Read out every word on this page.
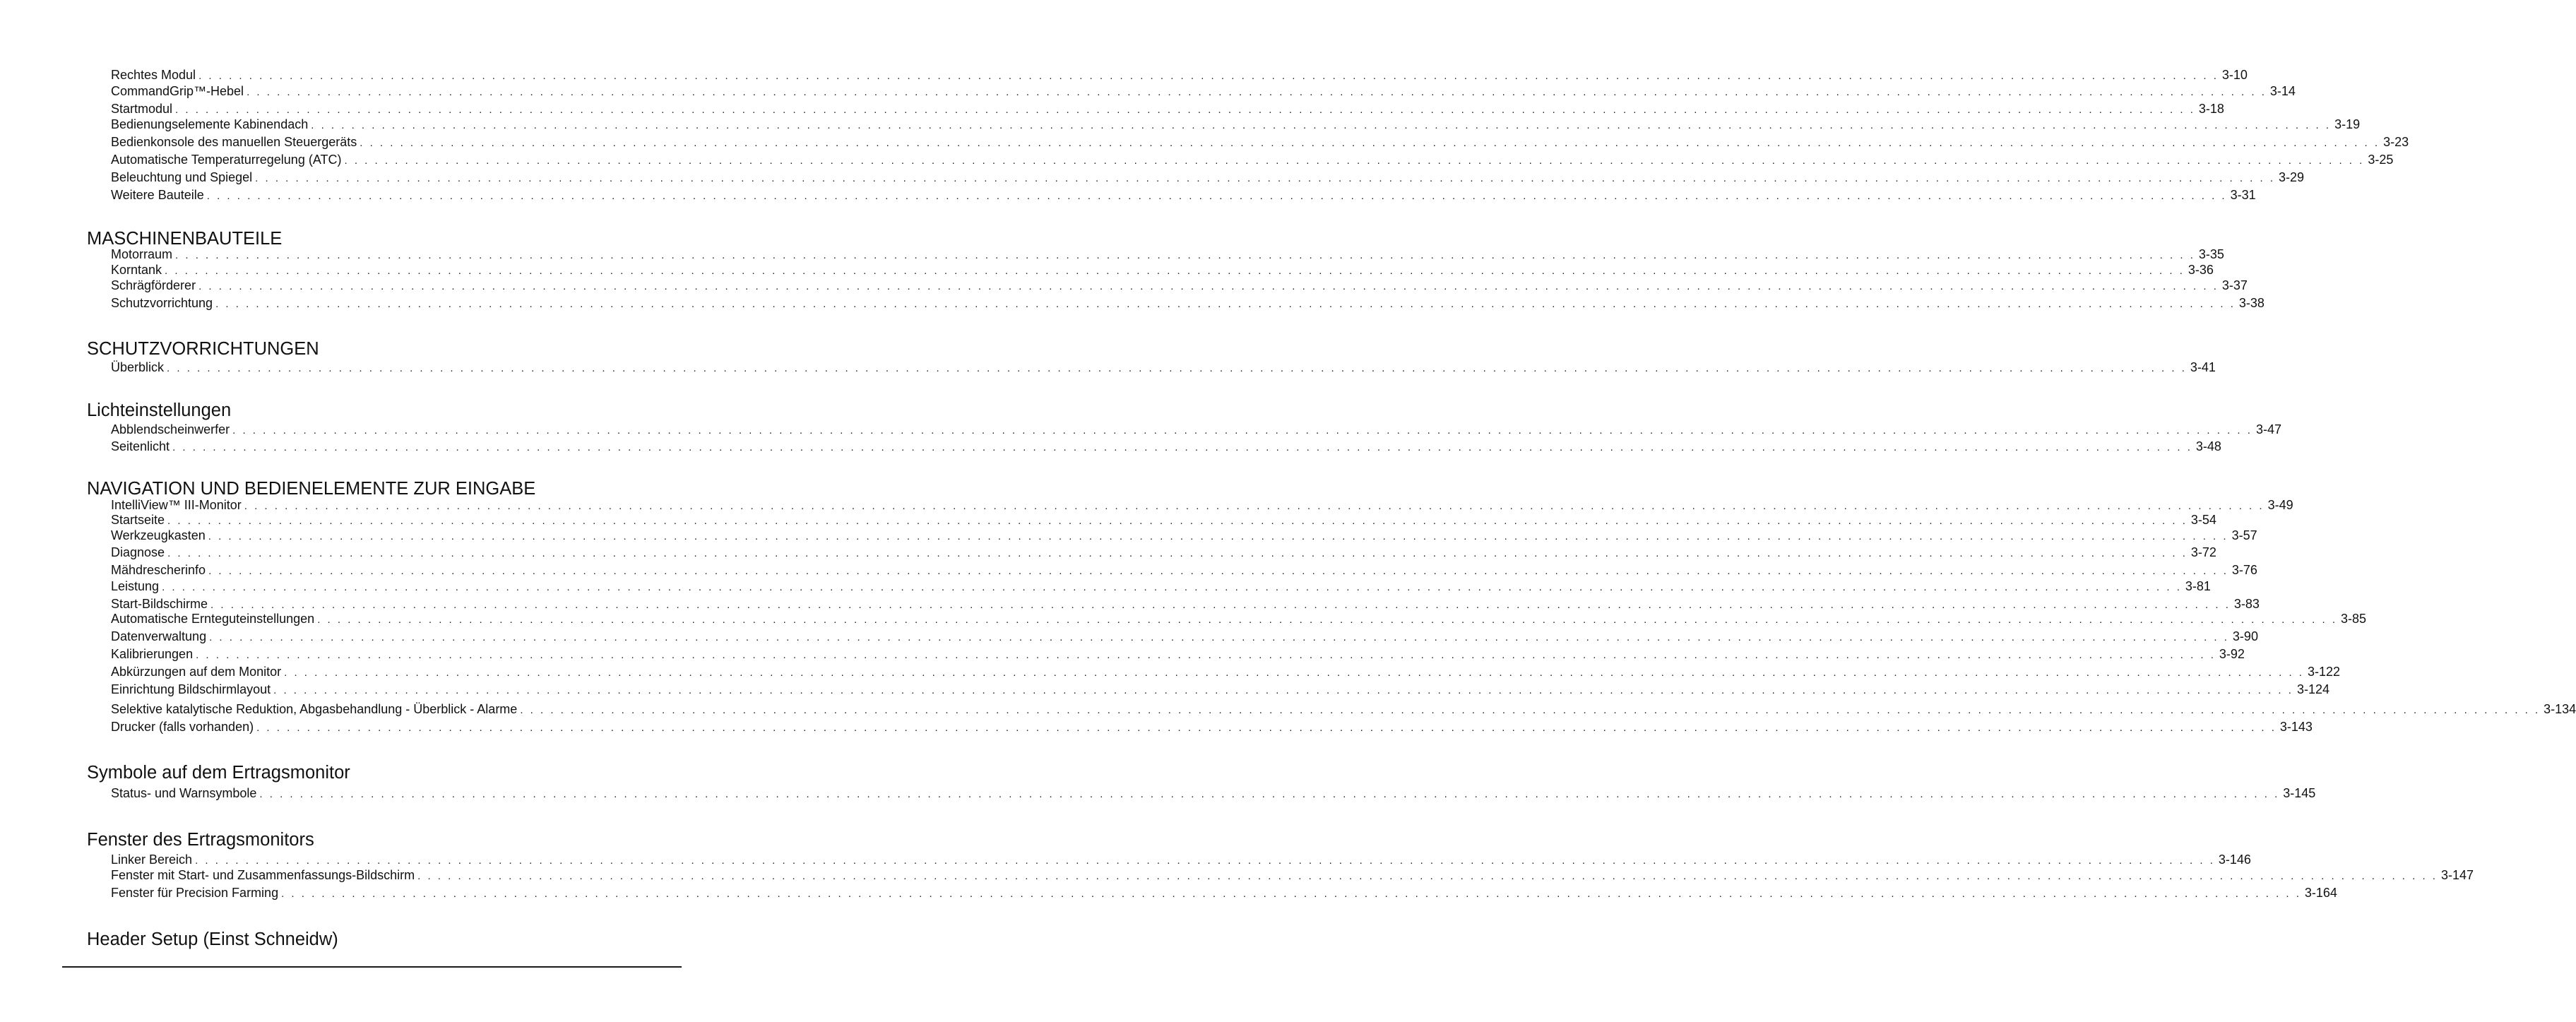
Rechtes Modul . . . . . . . . . . . . . . . . . . . . . . . . . . . . . . . . . . . . . . . . . . . . . . . . . . . . . . . . . . . . . . . . . . . . . . . . . . . . . . . . . . . . . . . . . . . . . . . . . . . . . . . . . . . . . . . . . . . . . . . . . . . . . . . . . . . . . . . . . . . . . . . . . . . . . . . . . . . . . . . . . . . . . . . . . . . . . . . . . . . . . . . . . . . . . . . . . . . . . . . . 3-10
CommandGrip™-Hebel . . . . . . . . . . . . . . . . . . . . . . . . . . . . . . . . . . . . . . . . . . . . . . . . . . . . . . . . . . . . . . . . . . . . . . . . . . . . . . . . . . . . . . . . . . . . . . . . . . . . . . . . . . . . . . . . . . . . . . . . . . . . . . . . . . . . . . . . . . . . . . . . . . . . . . . . . . . . . . . . . . . . . . . . . . . . . . . . . . . . . . . . . . . . . . . . . . . . . . . . 3-14
Startmodul . . . . . . . . . . . . . . . . . . . . . . . . . . . . . . . . . . . . . . . . . . . . . . . . . . . . . . . . . . . . . . . . . . . . . . . . . . . . . . . . . . . . . . . . . . . . . . . . . . . . . . . . . . . . . . . . . . . . . . . . . . . . . . . . . . . . . . . . . . . . . . . . . . . . . . . . . . . . . . . . . . . . . . . . . . . . . . . . . . . . . . . . . . . . . . . . . . . . . . . . 3-18
Bedienungselemente Kabinendach . . . . . . . . . . . . . . . . . . . . . . . . . . . . . . . . . . . . . . . . . . . . . . . . . . . . . . . . . . . . . . . . . . . . . . . . . . . . . . . . . . . . . . . . . . . . . . . . . . . . . . . . . . . . . . . . . . . . . . . . . . . . . . . . . . . . . . . . . . . . . . . . . . . . . . . . . . . . . . . . . . . . . . . . . . . . . . . . . . . . . . . . . . . . . . . . . . . . . . . . 3-19
Bedienkonsole des manuellen Steuergeräts . . . . . . . . . . . . . . . . . . . . . . . . . . . . . . . . . . . . . . . . . . . . . . . . . . . . . . . . . . . . . . . . . . . . . . . . . . . . . . . . . . . . . . . . . . . . . . . . . . . . . . . . . . . . . . . . . . . . . . . . . . . . . . . . . . . . . . . . . . . . . . . . . . . . . . . . . . . . . . . . . . . . . . . . . . . . . . . . . . . . . . . . . . . . . . . . . . . . . . . . 3-23
Automatische Temperaturregelung (ATC) . . . . . . . . . . . . . . . . . . . . . . . . . . . . . . . . . . . . . . . . . . . . . . . . . . . . . . . . . . . . . . . . . . . . . . . . . . . . . . . . . . . . . . . . . . . . . . . . . . . . . . . . . . . . . . . . . . . . . . . . . . . . . . . . . . . . . . . . . . . . . . . . . . . . . . . . . . . . . . . . . . . . . . . . . . . . . . . . . . . . . . . . . . . . . . . . . . . . . . . . 3-25
Beleuchtung und Spiegel . . . . . . . . . . . . . . . . . . . . . . . . . . . . . . . . . . . . . . . . . . . . . . . . . . . . . . . . . . . . . . . . . . . . . . . . . . . . . . . . . . . . . . . . . . . . . . . . . . . . . . . . . . . . . . . . . . . . . . . . . . . . . . . . . . . . . . . . . . . . . . . . . . . . . . . . . . . . . . . . . . . . . . . . . . . . . . . . . . . . . . . . . . . . . . . . . . . . . . . . 3-29
Weitere Bauteile . . . . . . . . . . . . . . . . . . . . . . . . . . . . . . . . . . . . . . . . . . . . . . . . . . . . . . . . . . . . . . . . . . . . . . . . . . . . . . . . . . . . . . . . . . . . . . . . . . . . . . . . . . . . . . . . . . . . . . . . . . . . . . . . . . . . . . . . . . . . . . . . . . . . . . . . . . . . . . . . . . . . . . . . . . . . . . . . . . . . . . . . . . . . . . . . . . . . . . . . 3-31
MASCHINENBAUTEILE
Motorraum . . . . . . . . . . . . . . . . . . . . . . . . . . . . . . . . . . . . . . . . . . . . . . . . . . . . . . . . . . . . . . . . . . . . . . . . . . . . . . . . . . . . . . . . . . . . . . . . . . . . . . . . . . . . . . . . . . . . . . . . . . . . . . . . . . . . . . . . . . . . . . . . . . . . . . . . . . . . . . . . . . . . . . . . . . . . . . . . . . . . . . . . . . . . . . . . . . . . . . . . 3-35
Korntank . . . . . . . . . . . . . . . . . . . . . . . . . . . . . . . . . . . . . . . . . . . . . . . . . . . . . . . . . . . . . . . . . . . . . . . . . . . . . . . . . . . . . . . . . . . . . . . . . . . . . . . . . . . . . . . . . . . . . . . . . . . . . . . . . . . . . . . . . . . . . . . . . . . . . . . . . . . . . . . . . . . . . . . . . . . . . . . . . . . . . . . . . . . . . . . . . . . . . . . . 3-36
Schrägförderer . . . . . . . . . . . . . . . . . . . . . . . . . . . . . . . . . . . . . . . . . . . . . . . . . . . . . . . . . . . . . . . . . . . . . . . . . . . . . . . . . . . . . . . . . . . . . . . . . . . . . . . . . . . . . . . . . . . . . . . . . . . . . . . . . . . . . . . . . . . . . . . . . . . . . . . . . . . . . . . . . . . . . . . . . . . . . . . . . . . . . . . . . . . . . . . . . . . . . . . . 3-37
Schutzvorrichtung . . . . . . . . . . . . . . . . . . . . . . . . . . . . . . . . . . . . . . . . . . . . . . . . . . . . . . . . . . . . . . . . . . . . . . . . . . . . . . . . . . . . . . . . . . . . . . . . . . . . . . . . . . . . . . . . . . . . . . . . . . . . . . . . . . . . . . . . . . . . . . . . . . . . . . . . . . . . . . . . . . . . . . . . . . . . . . . . . . . . . . . . . . . . . . . . . . . . . . . . 3-38
SCHUTZVORRICHTUNGEN
Überblick . . . . . . . . . . . . . . . . . . . . . . . . . . . . . . . . . . . . . . . . . . . . . . . . . . . . . . . . . . . . . . . . . . . . . . . . . . . . . . . . . . . . . . . . . . . . . . . . . . . . . . . . . . . . . . . . . . . . . . . . . . . . . . . . . . . . . . . . . . . . . . . . . . . . . . . . . . . . . . . . . . . . . . . . . . . . . . . . . . . . . . . . . . . . . . . . . . . . . . . . 3-41
Lichteinstellungen
Abblendscheinwerfer . . . . . . . . . . . . . . . . . . . . . . . . . . . . . . . . . . . . . . . . . . . . . . . . . . . . . . . . . . . . . . . . . . . . . . . . . . . . . . . . . . . . . . . . . . . . . . . . . . . . . . . . . . . . . . . . . . . . . . . . . . . . . . . . . . . . . . . . . . . . . . . . . . . . . . . . . . . . . . . . . . . . . . . . . . . . . . . . . . . . . . . . . . . . . . . . . . . . . . . . 3-47
Seitenlicht . . . . . . . . . . . . . . . . . . . . . . . . . . . . . . . . . . . . . . . . . . . . . . . . . . . . . . . . . . . . . . . . . . . . . . . . . . . . . . . . . . . . . . . . . . . . . . . . . . . . . . . . . . . . . . . . . . . . . . . . . . . . . . . . . . . . . . . . . . . . . . . . . . . . . . . . . . . . . . . . . . . . . . . . . . . . . . . . . . . . . . . . . . . . . . . . . . . . . . . . 3-48
NAVIGATION UND BEDIENELEMENTE ZUR EINGABE
IntelliView™ III-Monitor . . . . . . . . . . . . . . . . . . . . . . . . . . . . . . . . . . . . . . . . . . . . . . . . . . . . . . . . . . . . . . . . . . . . . . . . . . . . . . . . . . . . . . . . . . . . . . . . . . . . . . . . . . . . . . . . . . . . . . . . . . . . . . . . . . . . . . . . . . . . . . . . . . . . . . . . . . . . . . . . . . . . . . . . . . . . . . . . . . . . . . . . . . . . . . . . . . . . . . . . 3-49
Startseite . . . . . . . . . . . . . . . . . . . . . . . . . . . . . . . . . . . . . . . . . . . . . . . . . . . . . . . . . . . . . . . . . . . . . . . . . . . . . . . . . . . . . . . . . . . . . . . . . . . . . . . . . . . . . . . . . . . . . . . . . . . . . . . . . . . . . . . . . . . . . . . . . . . . . . . . . . . . . . . . . . . . . . . . . . . . . . . . . . . . . . . . . . . . . . . . . . . . . . . . 3-54
Werkzeugkasten . . . . . . . . . . . . . . . . . . . . . . . . . . . . . . . . . . . . . . . . . . . . . . . . . . . . . . . . . . . . . . . . . . . . . . . . . . . . . . . . . . . . . . . . . . . . . . . . . . . . . . . . . . . . . . . . . . . . . . . . . . . . . . . . . . . . . . . . . . . . . . . . . . . . . . . . . . . . . . . . . . . . . . . . . . . . . . . . . . . . . . . . . . . . . . . . . . . . . . . . 3-57
Diagnose . . . . . . . . . . . . . . . . . . . . . . . . . . . . . . . . . . . . . . . . . . . . . . . . . . . . . . . . . . . . . . . . . . . . . . . . . . . . . . . . . . . . . . . . . . . . . . . . . . . . . . . . . . . . . . . . . . . . . . . . . . . . . . . . . . . . . . . . . . . . . . . . . . . . . . . . . . . . . . . . . . . . . . . . . . . . . . . . . . . . . . . . . . . . . . . . . . . . . . . . 3-72
Mähdrescherinfo . . . . . . . . . . . . . . . . . . . . . . . . . . . . . . . . . . . . . . . . . . . . . . . . . . . . . . . . . . . . . . . . . . . . . . . . . . . . . . . . . . . . . . . . . . . . . . . . . . . . . . . . . . . . . . . . . . . . . . . . . . . . . . . . . . . . . . . . . . . . . . . . . . . . . . . . . . . . . . . . . . . . . . . . . . . . . . . . . . . . . . . . . . . . . . . . . . . . . . . . 3-76
Leistung . . . . . . . . . . . . . . . . . . . . . . . . . . . . . . . . . . . . . . . . . . . . . . . . . . . . . . . . . . . . . . . . . . . . . . . . . . . . . . . . . . . . . . . . . . . . . . . . . . . . . . . . . . . . . . . . . . . . . . . . . . . . . . . . . . . . . . . . . . . . . . . . . . . . . . . . . . . . . . . . . . . . . . . . . . . . . . . . . . . . . . . . . . . . . . . . . . . . . . . . 3-81
Start-Bildschirme . . . . . . . . . . . . . . . . . . . . . . . . . . . . . . . . . . . . . . . . . . . . . . . . . . . . . . . . . . . . . . . . . . . . . . . . . . . . . . . . . . . . . . . . . . . . . . . . . . . . . . . . . . . . . . . . . . . . . . . . . . . . . . . . . . . . . . . . . . . . . . . . . . . . . . . . . . . . . . . . . . . . . . . . . . . . . . . . . . . . . . . . . . . . . . . . . . . . . . . . 3-83
Automatische Ernteguteinstellungen . . . . . . . . . . . . . . . . . . . . . . . . . . . . . . . . . . . . . . . . . . . . . . . . . . . . . . . . . . . . . . . . . . . . . . . . . . . . . . . . . . . . . . . . . . . . . . . . . . . . . . . . . . . . . . . . . . . . . . . . . . . . . . . . . . . . . . . . . . . . . . . . . . . . . . . . . . . . . . . . . . . . . . . . . . . . . . . . . . . . . . . . . . . . . . . . . . . . . . . . 3-85
Datenverwaltung . . . . . . . . . . . . . . . . . . . . . . . . . . . . . . . . . . . . . . . . . . . . . . . . . . . . . . . . . . . . . . . . . . . . . . . . . . . . . . . . . . . . . . . . . . . . . . . . . . . . . . . . . . . . . . . . . . . . . . . . . . . . . . . . . . . . . . . . . . . . . . . . . . . . . . . . . . . . . . . . . . . . . . . . . . . . . . . . . . . . . . . . . . . . . . . . . . . . . . . . 3-90
Kalibrierungen . . . . . . . . . . . . . . . . . . . . . . . . . . . . . . . . . . . . . . . . . . . . . . . . . . . . . . . . . . . . . . . . . . . . . . . . . . . . . . . . . . . . . . . . . . . . . . . . . . . . . . . . . . . . . . . . . . . . . . . . . . . . . . . . . . . . . . . . . . . . . . . . . . . . . . . . . . . . . . . . . . . . . . . . . . . . . . . . . . . . . . . . . . . . . . . . . . . . . . . . 3-92
Abkürzungen auf dem Monitor . . . . . . . . . . . . . . . . . . . . . . . . . . . . . . . . . . . . . . . . . . . . . . . . . . . . . . . . . . . . . . . . . . . . . . . . . . . . . . . . . . . . . . . . . . . . . . . . . . . . . . . . . . . . . . . . . . . . . . . . . . . . . . . . . . . . . . . . . . . . . . . . . . . . . . . . . . . . . . . . . . . . . . . . . . . . . . . . . . . . . . . . . . . . . . . . . . . . . . . . 3-122
Einrichtung Bildschirmlayout . . . . . . . . . . . . . . . . . . . . . . . . . . . . . . . . . . . . . . . . . . . . . . . . . . . . . . . . . . . . . . . . . . . . . . . . . . . . . . . . . . . . . . . . . . . . . . . . . . . . . . . . . . . . . . . . . . . . . . . . . . . . . . . . . . . . . . . . . . . . . . . . . . . . . . . . . . . . . . . . . . . . . . . . . . . . . . . . . . . . . . . . . . . . . . . . . . . . . . . . 3-124
Selektive katalytische Reduktion, Abgasbehandlung - Überblick - Alarme . . . . . . . . . . . . . . . . . . . . . . . . . . . . . . . . . . . . . . . . . . . . . . . . . . . . . . . . . . . . . . . . . . . . . . . . . . . . . . . . . . . . . . . . . . . . . . . . . . . . . . . . . . . . . . . . . . . . . . . . . . . . . . . . . . . . . . . . . . . . . . . . . . . . . . . . . . . . . . . . . . . . . . . . . . . . . . . . . . . . . . . . . . . . . . . . . . . . . . . . 3-134
Drucker (falls vorhanden) . . . . . . . . . . . . . . . . . . . . . . . . . . . . . . . . . . . . . . . . . . . . . . . . . . . . . . . . . . . . . . . . . . . . . . . . . . . . . . . . . . . . . . . . . . . . . . . . . . . . . . . . . . . . . . . . . . . . . . . . . . . . . . . . . . . . . . . . . . . . . . . . . . . . . . . . . . . . . . . . . . . . . . . . . . . . . . . . . . . . . . . . . . . . . . . . . . . . . . . . 3-143
Symbole auf dem Ertragsmonitor
Status- und Warnsymbole . . . . . . . . . . . . . . . . . . . . . . . . . . . . . . . . . . . . . . . . . . . . . . . . . . . . . . . . . . . . . . . . . . . . . . . . . . . . . . . . . . . . . . . . . . . . . . . . . . . . . . . . . . . . . . . . . . . . . . . . . . . . . . . . . . . . . . . . . . . . . . . . . . . . . . . . . . . . . . . . . . . . . . . . . . . . . . . . . . . . . . . . . . . . . . . . . . . . . . . . 3-145
Fenster des Ertragsmonitors
Linker Bereich . . . . . . . . . . . . . . . . . . . . . . . . . . . . . . . . . . . . . . . . . . . . . . . . . . . . . . . . . . . . . . . . . . . . . . . . . . . . . . . . . . . . . . . . . . . . . . . . . . . . . . . . . . . . . . . . . . . . . . . . . . . . . . . . . . . . . . . . . . . . . . . . . . . . . . . . . . . . . . . . . . . . . . . . . . . . . . . . . . . . . . . . . . . . . . . . . . . . . . . . 3-146
Fenster mit Start- und Zusammenfassungs-Bildschirm . . . . . . . . . . . . . . . . . . . . . . . . . . . . . . . . . . . . . . . . . . . . . . . . . . . . . . . . . . . . . . . . . . . . . . . . . . . . . . . . . . . . . . . . . . . . . . . . . . . . . . . . . . . . . . . . . . . . . . . . . . . . . . . . . . . . . . . . . . . . . . . . . . . . . . . . . . . . . . . . . . . . . . . . . . . . . . . . . . . . . . . . . . . . . . . . . . . . . . . . 3-147
Fenster für Precision Farming . . . . . . . . . . . . . . . . . . . . . . . . . . . . . . . . . . . . . . . . . . . . . . . . . . . . . . . . . . . . . . . . . . . . . . . . . . . . . . . . . . . . . . . . . . . . . . . . . . . . . . . . . . . . . . . . . . . . . . . . . . . . . . . . . . . . . . . . . . . . . . . . . . . . . . . . . . . . . . . . . . . . . . . . . . . . . . . . . . . . . . . . . . . . . . . . . . . . . . . . 3-164
Header Setup (Einst Schneidw)
